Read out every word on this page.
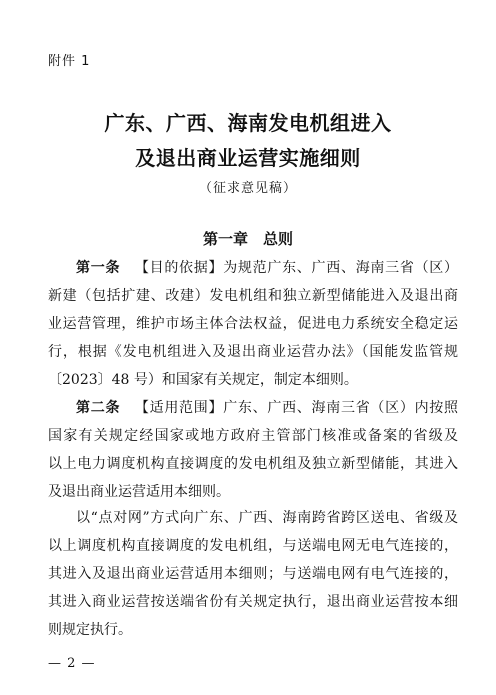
附件 1
广东、广西、海南发电机组进入
及退出商业运营实施细则
（征求意见稿）
第一章　总则
第一条 【目的依据】为规范广东、广西、海南三省（区）
新建（包括扩建、改建）发电机组和独立新型储能进入及退出商
业运营管理，维护市场主体合法权益，促进电力系统安全稳定运
行，根据《发电机组进入及退出商业运营办法》（国能发监管规
〔2023〕48 号）和国家有关规定，制定本细则。
第二条 【适用范围】广东、广西、海南三省（区）内按照
国家有关规定经国家或地方政府主管部门核准或备案的省级及
以上电力调度机构直接调度的发电机组及独立新型储能，其进入
及退出商业运营适用本细则。
以“点对网”方式向广东、广西、海南跨省跨区送电、省级及
以上调度机构直接调度的发电机组，与送端电网无电气连接的，
其进入及退出商业运营适用本细则；与送端电网有电气连接的，
其进入商业运营按送端省份有关规定执行，退出商业运营按本细
— 2 —
则规定执行。
